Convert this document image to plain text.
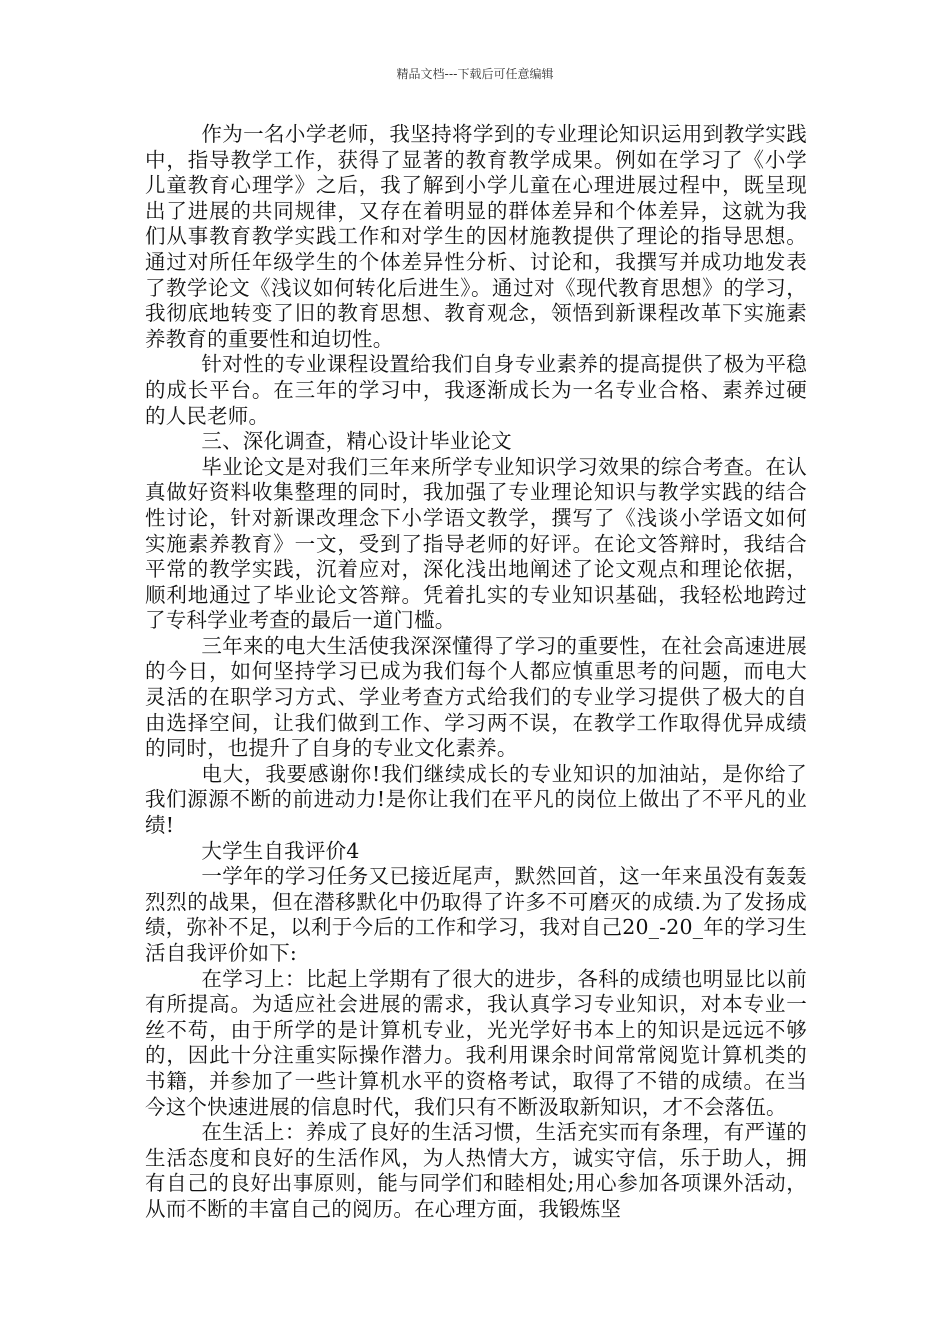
精品文档---下载后可任意编辑

作为一名小学老师，我坚持将学到的专业理论知识运用到教学实践中，指导教学工作，获得了显著的教育教学成果。例如在学习了《小学儿童教育心理学》之后，我了解到小学儿童在心理进展过程中，既呈现出了进展的共同规律，又存在着明显的群体差异和个体差异，这就为我们从事教育教学实践工作和对学生的因材施教提供了理论的指导思想。通过对所任年级学生的个体差异性分析、讨论和，我撰写并成功地发表了教学论文《浅议如何转化后进生》。通过对《现代教育思想》的学习，我彻底地转变了旧的教育思想、教育观念，领悟到新课程改革下实施素养教育的重要性和迫切性。

针对性的专业课程设置给我们自身专业素养的提高提供了极为平稳的成长平台。在三年的学习中，我逐渐成长为一名专业合格、素养过硬的人民老师。

三、深化调查，精心设计毕业论文

毕业论文是对我们三年来所学专业知识学习效果的综合考查。在认真做好资料收集整理的同时，我加强了专业理论知识与教学实践的结合性讨论，针对新课改理念下小学语文教学，撰写了《浅谈小学语文如何实施素养教育》一文，受到了指导老师的好评。在论文答辩时，我结合平常的教学实践，沉着应对，深化浅出地阐述了论文观点和理论依据，顺利地通过了毕业论文答辩。凭着扎实的专业知识基础，我轻松地跨过了专科学业考查的最后一道门槛。

三年来的电大生活使我深深懂得了学习的重要性，在社会高速进展的今日，如何坚持学习已成为我们每个人都应慎重思考的问题，而电大灵活的在职学习方式、学业考查方式给我们的专业学习提供了极大的自由选择空间，让我们做到工作、学习两不误，在教学工作取得优异成绩的同时，也提升了自身的专业文化素养。

电大，我要感谢你!我们继续成长的专业知识的加油站，是你给了我们源源不断的前进动力!是你让我们在平凡的岗位上做出了不平凡的业绩!

大学生自我评价4

一学年的学习任务又已接近尾声，默然回首，这一年来虽没有轰轰烈烈的战果，但在潜移默化中仍取得了许多不可磨灭的成绩.为了发扬成绩，弥补不足，以利于今后的工作和学习，我对自己20_-20_年的学习生活自我评价如下:

在学习上：比起上学期有了很大的进步，各科的成绩也明显比以前有所提高。为适应社会进展的需求，我认真学习专业知识，对本专业一丝不苟，由于所学的是计算机专业，光光学好书本上的知识是远远不够的，因此十分注重实际操作潜力。我利用课余时间常常阅览计算机类的书籍，并参加了一些计算机水平的资格考试，取得了不错的成绩。在当今这个快速进展的信息时代，我们只有不断汲取新知识，才不会落伍。

在生活上：养成了良好的生活习惯，生活充实而有条理，有严谨的生活态度和良好的生活作风，为人热情大方，诚实守信，乐于助人，拥有自己的良好出事原则，能与同学们和睦相处;用心参加各项课外活动，从而不断的丰富自己的阅历。在心理方面，我锻炼坚
